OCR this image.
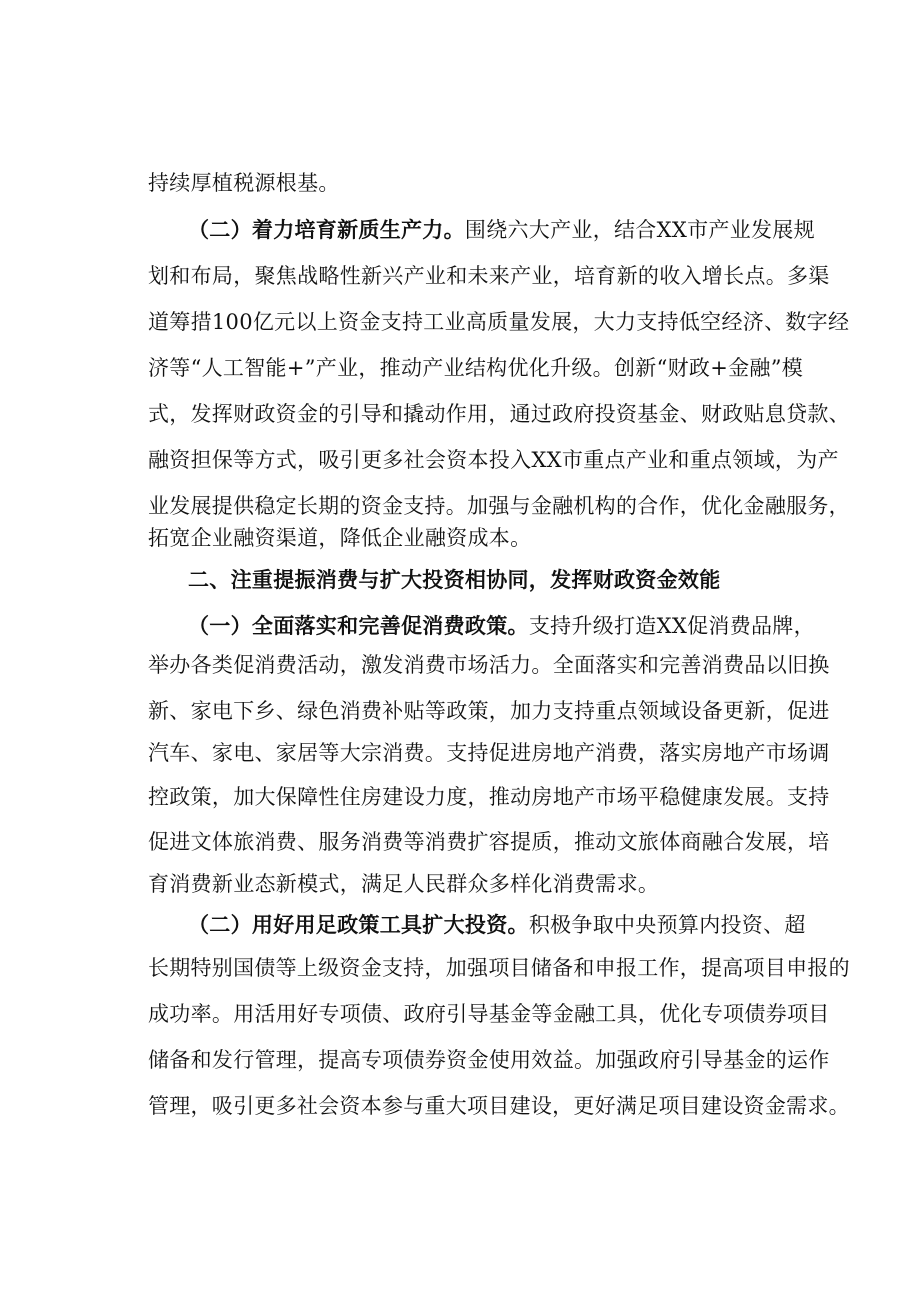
持续厚植税源根基。
（二）着力培育新质生产力。围绕六大产业，结合XX市产业发展规
划和布局，聚焦战略性新兴产业和未来产业，培育新的收入增长点。多渠
道筹措100亿元以上资金支持工业高质量发展，大力支持低空经济、数字经
济等“人工智能+”产业，推动产业结构优化升级。创新“财政+金融”模
式，发挥财政资金的引导和撬动作用，通过政府投资基金、财政贴息贷款、
融资担保等方式，吸引更多社会资本投入XX市重点产业和重点领域，为产
业发展提供稳定长期的资金支持。加强与金融机构的合作，优化金融服务，
拓宽企业融资渠道，降低企业融资成本。
二、注重提振消费与扩大投资相协同，发挥财政资金效能
（一）全面落实和完善促消费政策。支持升级打造XX促消费品牌，
举办各类促消费活动，激发消费市场活力。全面落实和完善消费品以旧换
新、家电下乡、绿色消费补贴等政策，加力支持重点领域设备更新，促进
汽车、家电、家居等大宗消费。支持促进房地产消费，落实房地产市场调
控政策，加大保障性住房建设力度，推动房地产市场平稳健康发展。支持
促进文体旅消费、服务消费等消费扩容提质，推动文旅体商融合发展，培
育消费新业态新模式，满足人民群众多样化消费需求。
（二）用好用足政策工具扩大投资。积极争取中央预算内投资、超
长期特别国债等上级资金支持，加强项目储备和申报工作，提高项目申报的
成功率。用活用好专项债、政府引导基金等金融工具，优化专项债券项目
储备和发行管理，提高专项债券资金使用效益。加强政府引导基金的运作
管理，吸引更多社会资本参与重大项目建设，更好满足项目建设资金需求。
